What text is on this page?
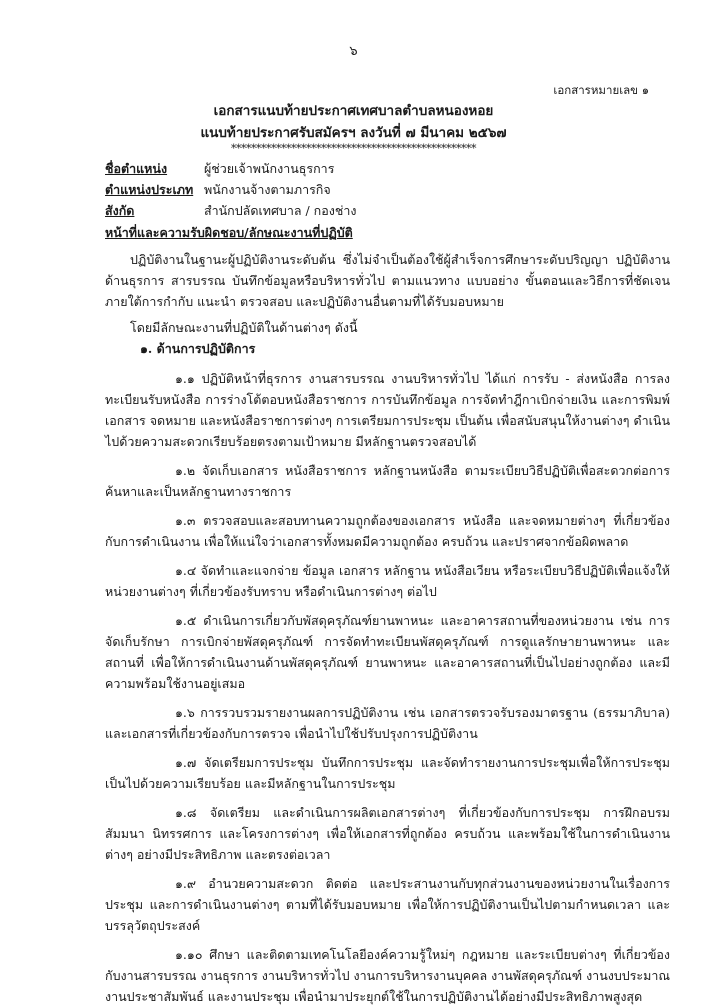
๖
เอกสารหมายเลข ๑
เอกสารแนบท้ายประกาศเทศบาลตำบลหนองหอย
แนบท้ายประกาศรับสมัครฯ ลงวันที่ ๗ มีนาคม ๒๕๖๗
*************************************************
ชื่อตำแหน่ง	ผู้ช่วยเจ้าพนักงานธุรการ
ตำแหน่งประเภท พนักงานจ้างตามภารกิจ
สังกัด	สำนักปลัดเทศบาล / กองช่าง
หน้าที่และความรับผิดชอบ/ลักษณะงานที่ปฏิบัติ

ปฏิบัติงานในฐานะผู้ปฏิบัติงานระดับต้น ซึ่งไม่จำเป็นต้องใช้ผู้สำเร็จการศึกษาระดับปริญญา ปฏิบัติงานด้านธุรการ สารบรรณ บันทึกข้อมูลหรือบริหารทั่วไป ตามแนวทาง แบบอย่าง ขั้นตอนและวิธีการที่ชัดเจน ภายใต้การกำกับ แนะนำ ตรวจสอบ และปฏิบัติงานอื่นตามที่ได้รับมอบหมาย

โดยมีลักษณะงานที่ปฏิบัติในด้านต่างๆ ดังนี้

๑. ด้านการปฏิบัติการ

๑.๑ ปฏิบัติหน้าที่ธุรการ งานสารบรรณ งานบริหารทั่วไป ได้แก่ การรับ - ส่งหนังสือ การลงทะเบียนรับหนังสือ การร่างโต้ตอบหนังสือราชการ การบันทึกข้อมูล การจัดทำฎีกาเบิกจ่ายเงิน และการพิมพ์เอกสาร จดหมาย และหนังสือราชการต่างๆ การเตรียมการประชุม เป็นต้น เพื่อสนับสนุนให้งานต่างๆ ดำเนินไปด้วยความสะดวกเรียบร้อยตรงตามเป้าหมาย มีหลักฐานตรวจสอบได้

๑.๒ จัดเก็บเอกสาร หนังสือราชการ หลักฐานหนังสือ ตามระเบียบวิธีปฏิบัติเพื่อสะดวกต่อการค้นหาและเป็นหลักฐานทางราชการ

๑.๓ ตรวจสอบและสอบทานความถูกต้องของเอกสาร หนังสือ และจดหมายต่างๆ ที่เกี่ยวข้องกับการดำเนินงาน เพื่อให้แน่ใจว่าเอกสารทั้งหมดมีความถูกต้อง ครบถ้วน และปราศจากข้อผิดพลาด

๑.๔ จัดทำและแจกจ่าย ข้อมูล เอกสาร หลักฐาน หนังสือเวียน หรือระเบียบวิธีปฏิบัติเพื่อแจ้งให้หน่วยงานต่างๆ ที่เกี่ยวข้องรับทราบ หรือดำเนินการต่างๆ ต่อไป

๑.๕ ดำเนินการเกี่ยวกับพัสดุครุภัณฑ์ยานพาหนะ และอาคารสถานที่ของหน่วยงาน เช่น การจัดเก็บรักษา การเบิกจ่ายพัสดุครุภัณฑ์ การจัดทำทะเบียนพัสดุครุภัณฑ์ การดูแลรักษายานพาหนะ และสถานที่ เพื่อให้การดำเนินงานด้านพัสดุครุภัณฑ์ ยานพาหนะ และอาคารสถานที่เป็นไปอย่างถูกต้อง และมีความพร้อมใช้งานอยู่เสมอ

๑.๖ การรวบรวมรายงานผลการปฏิบัติงาน เช่น เอกสารตรวจรับรองมาตรฐาน (ธรรมาภิบาล) และเอกสารที่เกี่ยวข้องกับการตรวจ เพื่อนำไปใช้ปรับปรุงการปฏิบัติงาน

๑.๗ จัดเตรียมการประชุม บันทึกการประชุม และจัดทำรายงานการประชุมเพื่อให้การประชุมเป็นไปด้วยความเรียบร้อย และมีหลักฐานในการประชุม

๑.๘ จัดเตรียม และดำเนินการผลิตเอกสารต่างๆ ที่เกี่ยวข้องกับการประชุม การฝึกอบรม สัมมนา นิทรรศการ และโครงการต่างๆ เพื่อให้เอกสารที่ถูกต้อง ครบถ้วน และพร้อมใช้ในการดำเนินงานต่างๆ อย่างมีประสิทธิภาพ และตรงต่อเวลา

๑.๙ อำนวยความสะดวก ติดต่อ และประสานงานกับทุกส่วนงานของหน่วยงานในเรื่องการประชุม และการดำเนินงานต่างๆ ตามที่ได้รับมอบหมาย เพื่อให้การปฏิบัติงานเป็นไปตามกำหนดเวลา และบรรลุวัตถุประสงค์

๑.๑๐ ศึกษา และติดตามเทคโนโลยีองค์ความรู้ใหม่ๆ กฎหมาย และระเบียบต่างๆ ที่เกี่ยวข้องกับงานสารบรรณ งานธุรการ งานบริหารทั่วไป งานการบริหารงานบุคคล งานพัสดุครุภัณฑ์ งานงบประมาณ งานประชาสัมพันธ์ และงานประชุม เพื่อนำมาประยุกต์ใช้ในการปฏิบัติงานได้อย่างมีประสิทธิภาพสูงสุด
